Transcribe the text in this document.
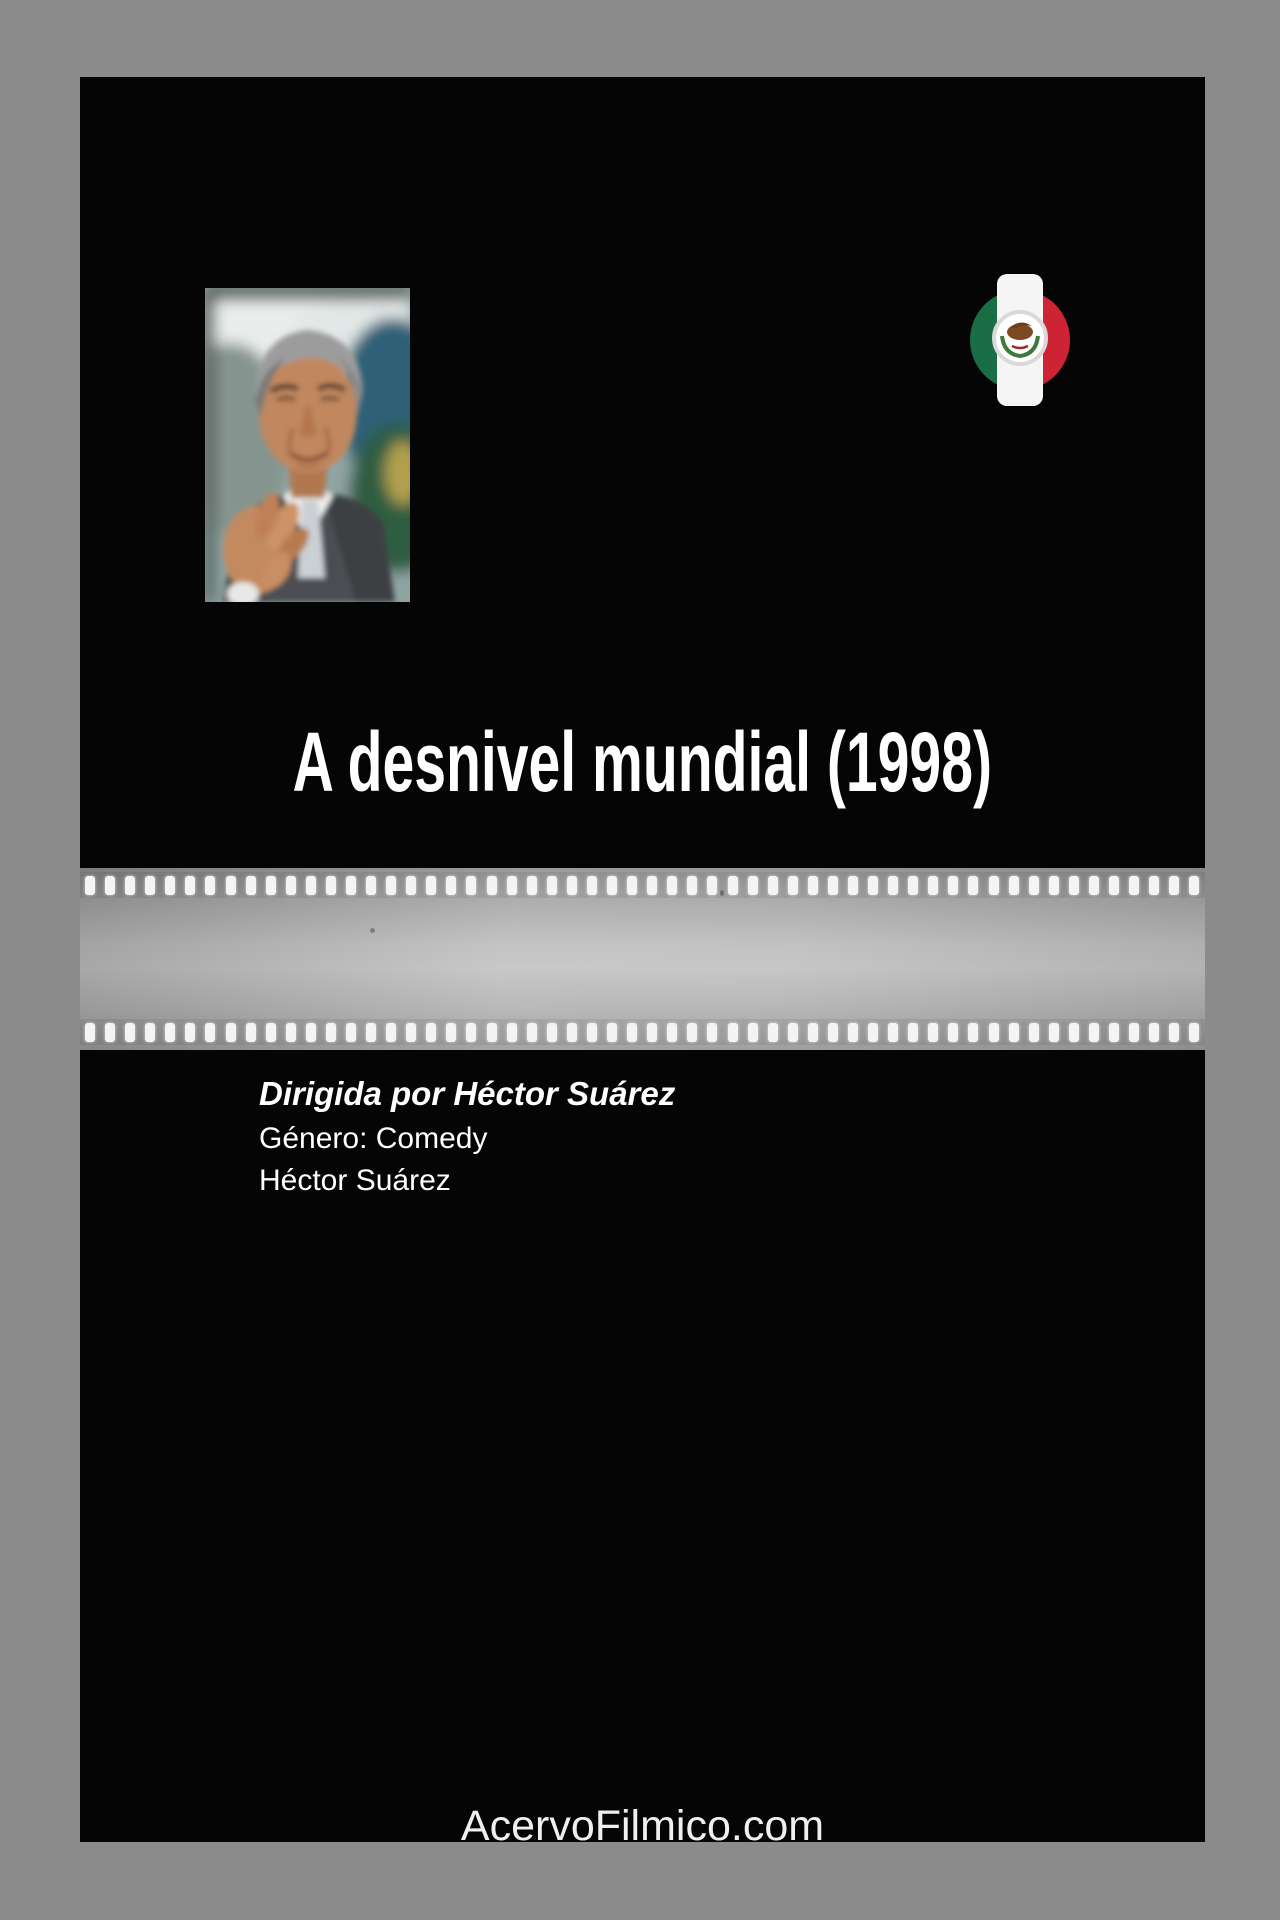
A desnivel mundial (1998)
Dirigida por Héctor Suárez
Género: Comedy
Héctor Suárez
AcervoFilmico.com
